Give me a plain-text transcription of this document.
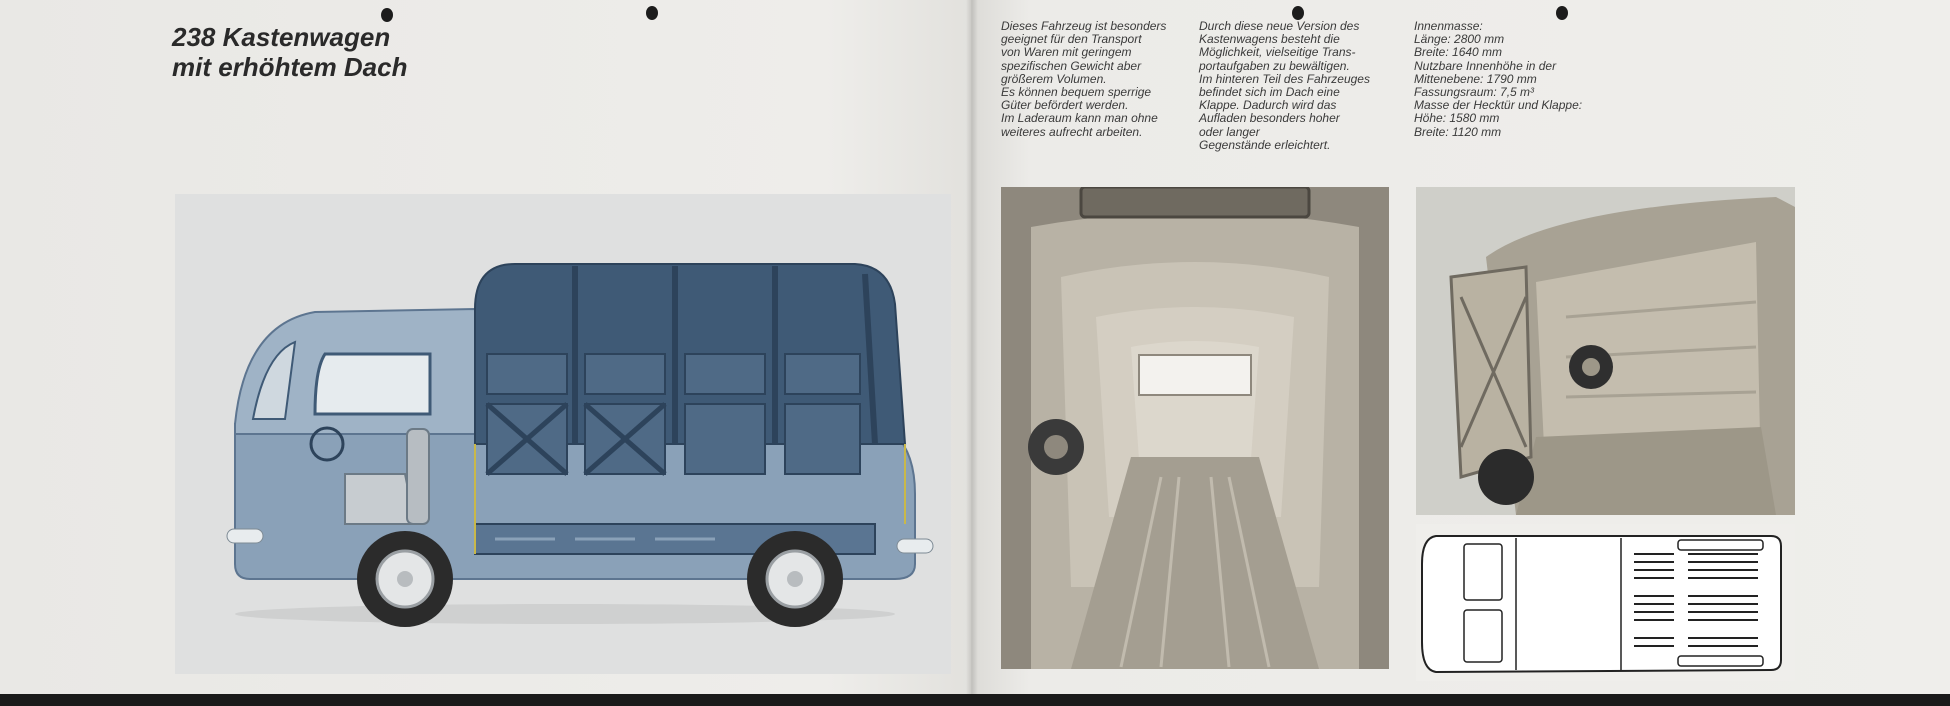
238 Kastenwagen
mit erhöhtem Dach

Dieses Fahrzeug ist besonders
geeignet für den Transport
von Waren mit geringem
spezifischen Gewicht aber
größerem Volumen.
Es können bequem sperrige
Güter befördert werden.
Im Laderaum kann man ohne
weiteres aufrecht arbeiten.

Durch diese neue Version des
Kastenwagens besteht die
Möglichkeit, vielseitige Trans-
portaufgaben zu bewältigen.
Im hinteren Teil des Fahrzeuges
befindet sich im Dach eine
Klappe. Dadurch wird das
Aufladen besonders hoher
oder langer
Gegenstände erleichtert.

Innenmasse:
Länge: 2800 mm
Breite: 1640 mm
Nutzbare Innenhöhe in der
Mittenebene: 1790 mm
Fassungsraum: 7,5 m³
Masse der Hecktür und Klappe:
Höhe: 1580 mm
Breite: 1120 mm
